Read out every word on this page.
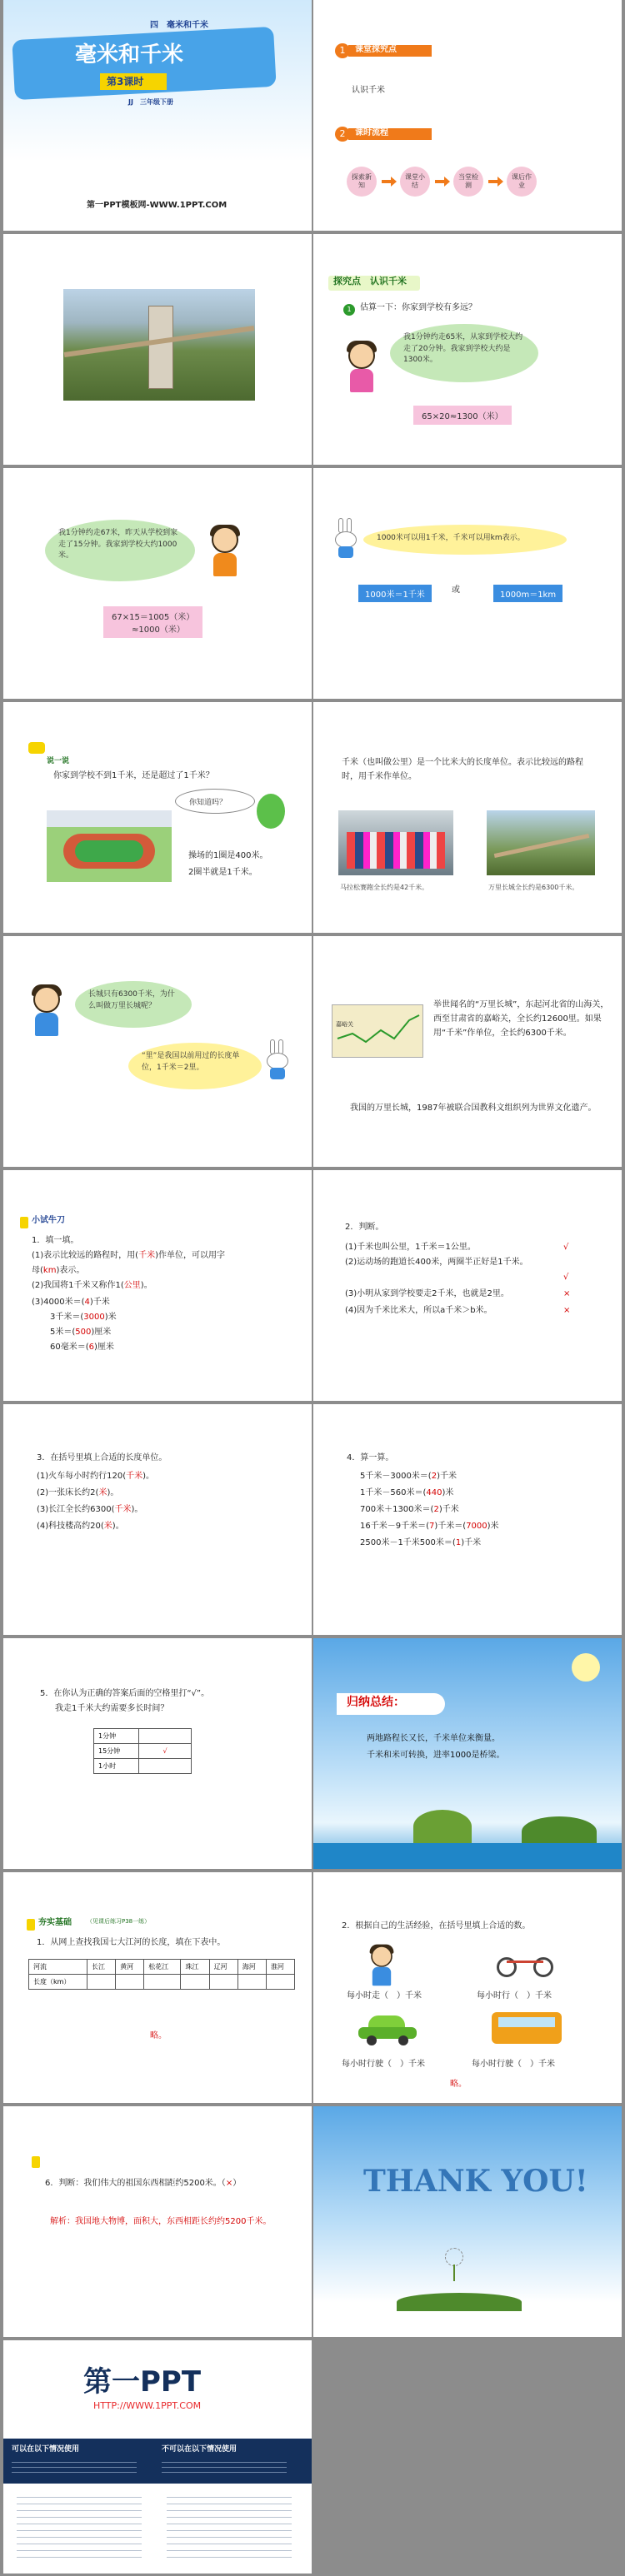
四　毫米和千米
毫米和千米
第3课时
JJ　三年级下册
第一PPT模板网-WWW.1PPT.COM
1	课堂探究点
认识千米
2	课时流程
探索新知
课堂小结
当堂检测
课后作业
探究点　 认识千米
1	估算一下：你家到学校有多远？
我1分钟约走65米，从家到学校大约走了20分钟。我家到学校大约是1300米。
65×20≈1300（米）
我1分钟约走67米，昨天从学校到家走了15分钟。我家到学校大约1000米。
67×15＝1005（米）
≈1000（米）
1000米可以用1千米，千米可以用km表示。
1000米＝1千米
或
1000m＝1km
说一说
你家到学校不到1千米，还是超过了1千米？
你知道吗？
操场的1圈是400米。
2圈半就是1千米。
千米（也叫做公里）是一个比米大的长度单位。表示比较远的路程时，用千米作单位。
马拉松赛跑全长约是42千米。	万里长城全长约是6300千米。
长城只有6300千米，为什么叫做万里长城呢？
“里”是我国以前用过的长度单位，1千米＝2里。
嘉峪关
举世闻名的“万里长城”，东起河北省的山海关，西至甘肃省的嘉峪关，全长约12600里。如果用“千米”作单位，全长约6300千米。
我国的万里长城，1987年被联合国教科文组织列为世界文化遗产。
小试牛刀
1．填一填。
(1)表示比较远的路程时，用(千米)作单位，可以用字
母(km)表示。
(2)我国将1千米又称作1(公里)。
(3)4000米＝(4)千米
3千米＝(3000)米
5米＝(500)厘米
60毫米＝(6)厘米
2．判断。
(1)千米也叫公里，1千米＝1公里。	√
(2)运动场的跑道长400米，两圈半正好是1千米。
√
(3)小明从家到学校要走2千米，也就是2里。	×
(4)因为千米比米大，所以a千米＞b米。	×
3．在括号里填上合适的长度单位。
(1)火车每小时约行120(千米)。
(2)一张床长约2(米)。
(3)长江全长约6300(千米)。
(4)科技楼高约20(米)。
4．算一算。
5千米－3000米＝(2)千米
1千米－560米＝(440)米
700米＋1300米＝(2)千米
16千米－9千米＝(7)千米＝(7000)米
2500米－1千米500米＝(1)千米
5．在你认为正确的答案后面的空格里打“√”。
我走1千米大约需要多长时间？
1分钟	
15分钟	√
1小时	
归纳总结：
两地路程长又长，千米单位来衡量。
千米和米可转换，进率1000是桥梁。
夯实基础	（见课后练习P38一练）
1．从网上查找我国七大江河的长度，填在下表中。
河流	长江	黄河	松花江	珠江	辽河	海河	淮河
长度（km）							
略。
2．根据自己的生活经验，在括号里填上合适的数。
每小时走（　）千米	每小时行（　）千米
每小时行驶（　）千米	每小时行驶（　）千米
略。
6．判断：我们伟大的祖国东西相距约5200米。（×）
解析：我国地大物博，面积大，东西相距长约约5200千米。
THANK YOU!
第一PPT
HTTP://WWW.1PPT.COM
可以在以下情况使用	不可以在以下情况使用
